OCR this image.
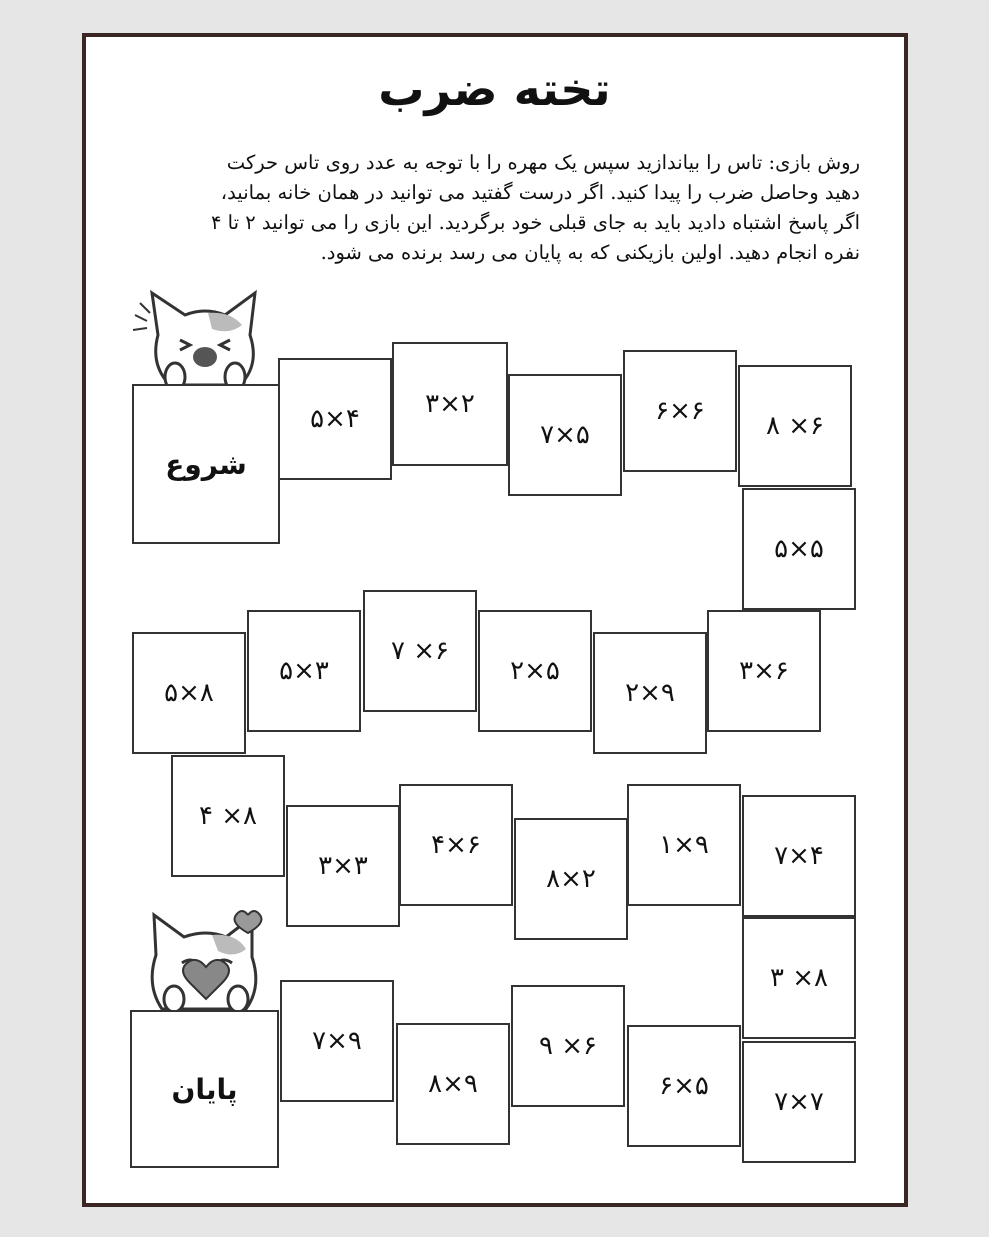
تخته ضرب
روش بازی: تاس را بیاندازید سپس یک مهره را با توجه به عدد روی تاس حرکت
دهید وحاصل ضرب را پیدا کنید. اگر درست گفتید می توانید در همان خانه بمانید،
اگر پاسخ اشتباه دادید باید به جای قبلی خود برگردید. این بازی را می توانید ۲ تا ۴
نفره انجام دهید. اولین بازیکنی که به پایان می رسد برنده می شود.
شروع
پایان
۵×۴	۳×۲
۷×۵
۶×۶	۸ ×۶
۵×۵
۳×۶
۲×۹
۲×۵
۷ ×۶
۵×۳
۵×۸
۴ ×۸
۳×۳
۴×۶
۸×۲
۱×۹	۷×۴
۳ ×۸
۷×۷
۶×۵
۹ ×۶
۸×۹
۷×۹
